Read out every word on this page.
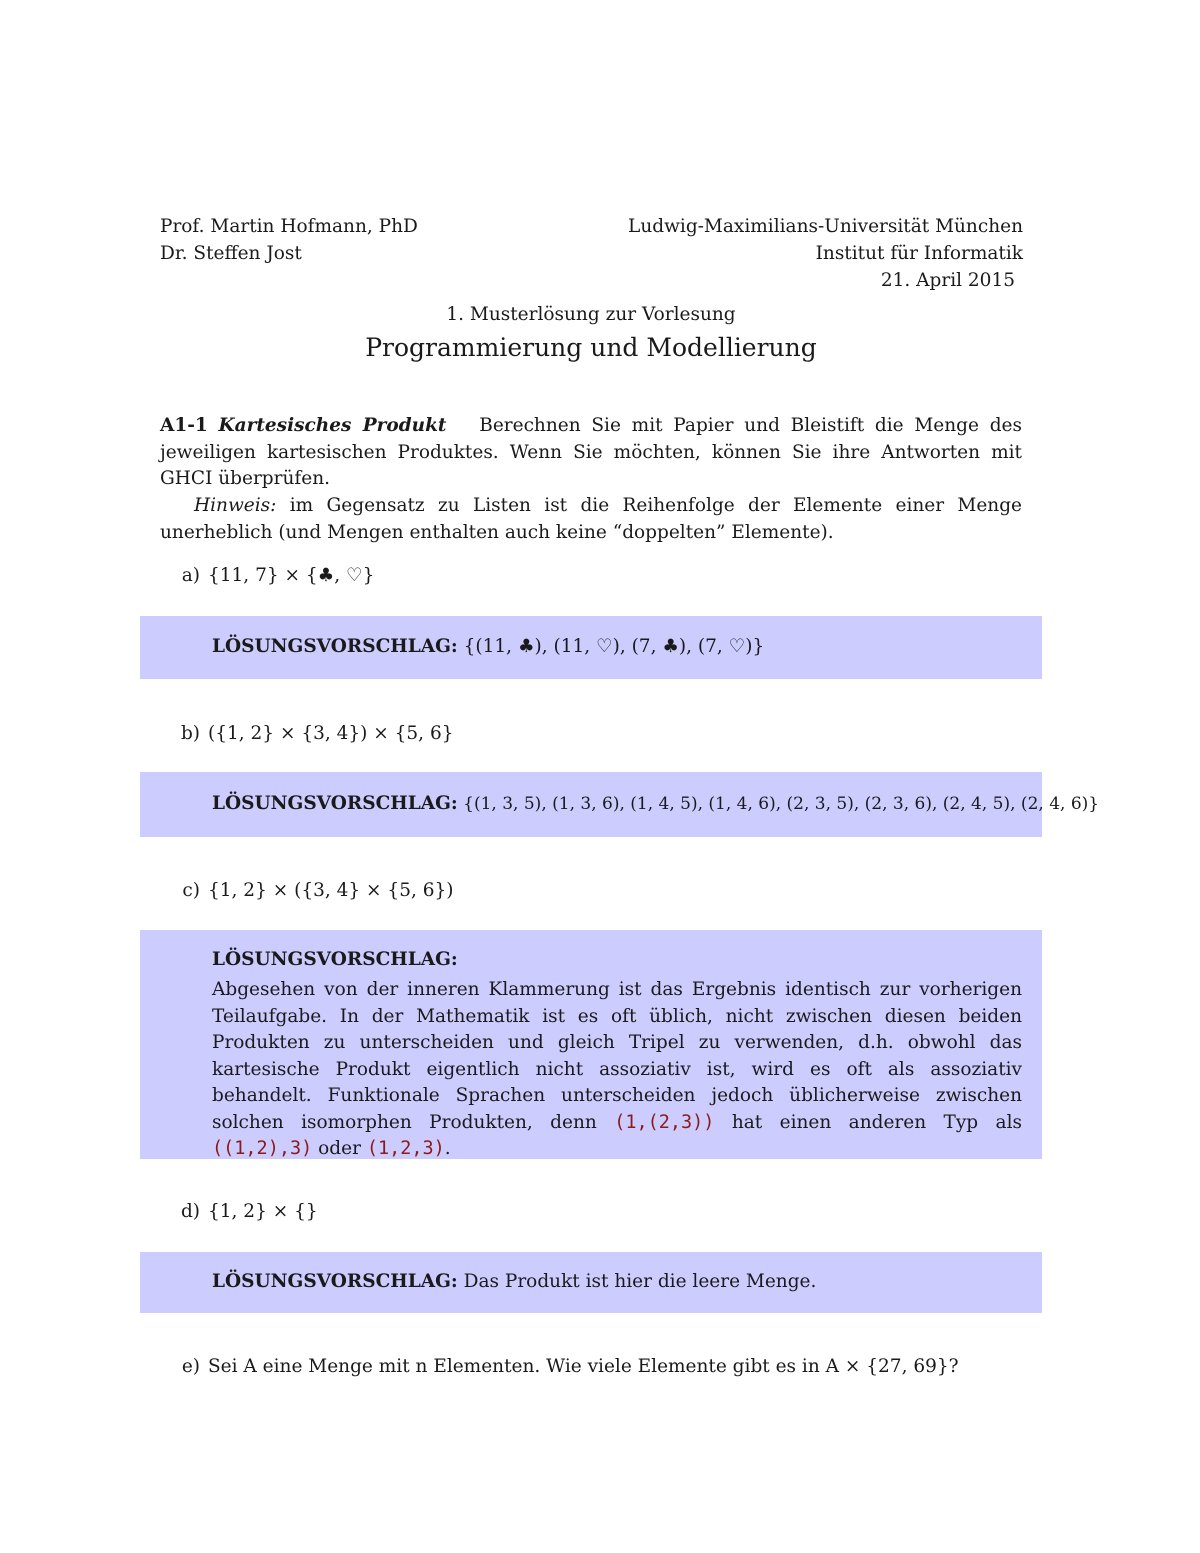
Prof. Martin Hofmann, PhD
Dr. Steffen Jost
Ludwig-Maximilians-Universität München
Institut für Informatik
21. April 2015
1. Musterlösung zur Vorlesung
Programmierung und Modellierung
A1-1 Kartesisches Produkt Berechnen Sie mit Papier und Bleistift die Menge des jeweiligen kartesischen Produktes. Wenn Sie möchten, können Sie ihre Antworten mit GHCI überprüfen.
Hinweis: im Gegensatz zu Listen ist die Reihenfolge der Elemente einer Menge unerheblich (und Mengen enthalten auch keine “doppelten” Elemente).
a) {11, 7} × {♣, ♡}
LÖSUNGSVORSCHLAG: {(11, ♣), (11, ♡), (7, ♣), (7, ♡)}
b) ({1, 2} × {3, 4}) × {5, 6}
LÖSUNGSVORSCHLAG: {(1, 3, 5), (1, 3, 6), (1, 4, 5), (1, 4, 6), (2, 3, 5), (2, 3, 6), (2, 4, 5), (2, 4, 6)}
c) {1, 2} × ({3, 4} × {5, 6})
LÖSUNGSVORSCHLAG:
Abgesehen von der inneren Klammerung ist das Ergebnis identisch zur vorherigen Teilaufgabe. In der Mathematik ist es oft üblich, nicht zwischen diesen beiden Produkten zu unterscheiden und gleich Tripel zu verwenden, d.h. obwohl das kartesische Produkt eigentlich nicht assoziativ ist, wird es oft als assoziativ behandelt. Funktionale Sprachen unterscheiden jedoch üblicherweise zwischen solchen isomorphen Produkten, denn (1,(2,3)) hat einen anderen Typ als ((1,2),3) oder (1,2,3).
d) {1, 2} × {}
LÖSUNGSVORSCHLAG: Das Produkt ist hier die leere Menge.
e) Sei A eine Menge mit n Elementen. Wie viele Elemente gibt es in A × {27, 69}?
